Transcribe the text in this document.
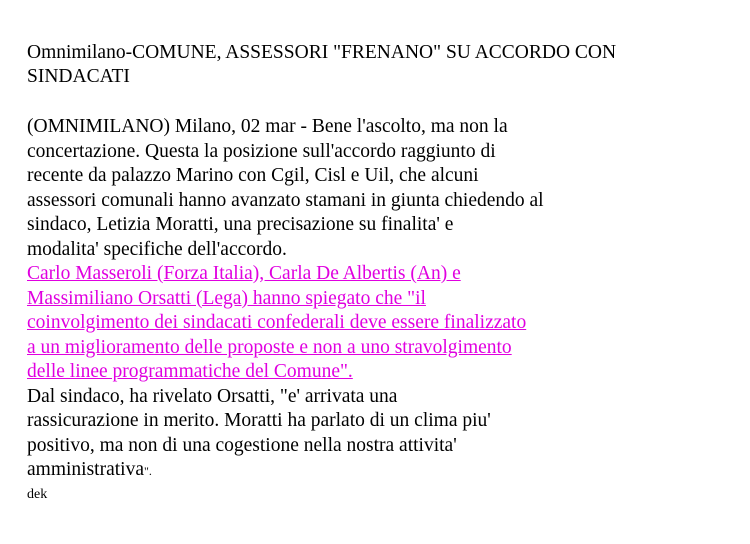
Omnimilano-COMUNE, ASSESSORI "FRENANO" SU ACCORDO CON
SINDACATI
(OMNIMILANO) Milano, 02 mar - Bene l'ascolto, ma non la
concertazione. Questa la posizione sull'accordo raggiunto di
recente da palazzo Marino con Cgil, Cisl e Uil, che alcuni
assessori comunali hanno avanzato stamani in giunta chiedendo al
sindaco, Letizia Moratti, una precisazione su finalita' e
modalita' specifiche dell'accordo.
Carlo Masseroli (Forza Italia), Carla De Albertis (An) e
Massimiliano Orsatti (Lega) hanno spiegato che "il
coinvolgimento dei sindacati confederali deve essere finalizzato
a un miglioramento delle proposte e non a uno stravolgimento
delle linee programmatiche del Comune".
Dal sindaco, ha rivelato Orsatti, "e' arrivata una
rassicurazione in merito. Moratti ha parlato di un clima piu'
positivo, ma non di una cogestione nella nostra attivita'
amministrativa".
dek
